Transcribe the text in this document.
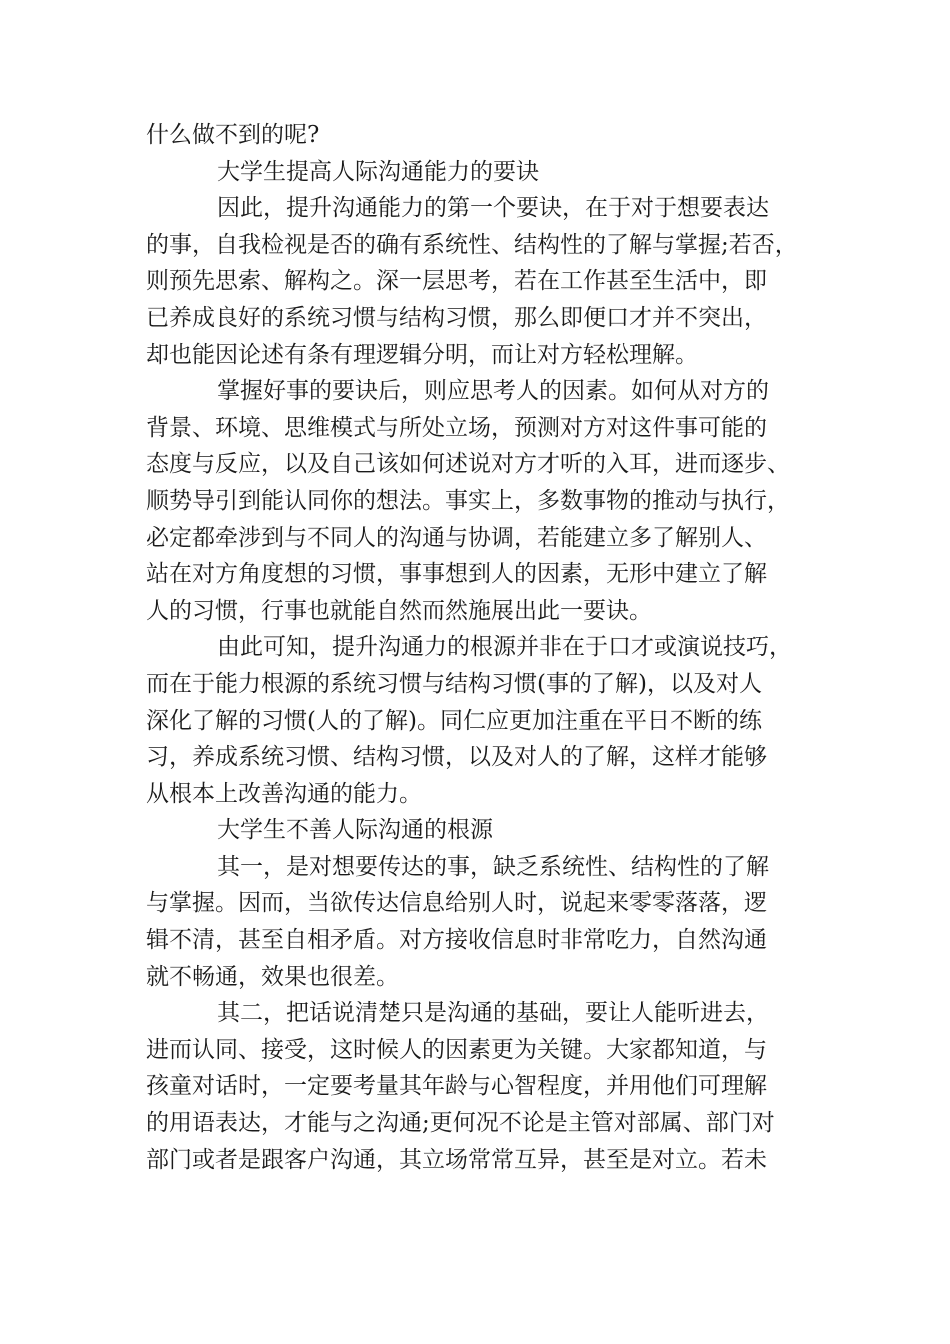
什么做不到的呢?
大学生提高人际沟通能力的要诀
因此，提升沟通能力的第一个要诀，在于对于想要表达
的事，自我检视是否的确有系统性、结构性的了解与掌握;若否，
则预先思索、解构之。深一层思考，若在工作甚至生活中，即
已养成良好的系统习惯与结构习惯，那么即便口才并不突出，
却也能因论述有条有理逻辑分明，而让对方轻松理解。
掌握好事的要诀后，则应思考人的因素。如何从对方的
背景、环境、思维模式与所处立场，预测对方对这件事可能的
态度与反应，以及自己该如何述说对方才听的入耳，进而逐步、
顺势导引到能认同你的想法。事实上，多数事物的推动与执行，
必定都牵涉到与不同人的沟通与协调，若能建立多了解别人、
站在对方角度想的习惯，事事想到人的因素，无形中建立了解
人的习惯，行事也就能自然而然施展出此一要诀。
由此可知，提升沟通力的根源并非在于口才或演说技巧，
而在于能力根源的系统习惯与结构习惯(事的了解)，以及对人
深化了解的习惯(人的了解)。同仁应更加注重在平日不断的练
习，养成系统习惯、结构习惯，以及对人的了解，这样才能够
从根本上改善沟通的能力。
大学生不善人际沟通的根源
其一，是对想要传达的事，缺乏系统性、结构性的了解
与掌握。因而，当欲传达信息给别人时，说起来零零落落，逻
辑不清，甚至自相矛盾。对方接收信息时非常吃力，自然沟通
就不畅通，效果也很差。
其二，把话说清楚只是沟通的基础，要让人能听进去，
进而认同、接受，这时候人的因素更为关键。大家都知道，与
孩童对话时，一定要考量其年龄与心智程度，并用他们可理解
的用语表达，才能与之沟通;更何况不论是主管对部属、部门对
部门或者是跟客户沟通，其立场常常互异，甚至是对立。若未
